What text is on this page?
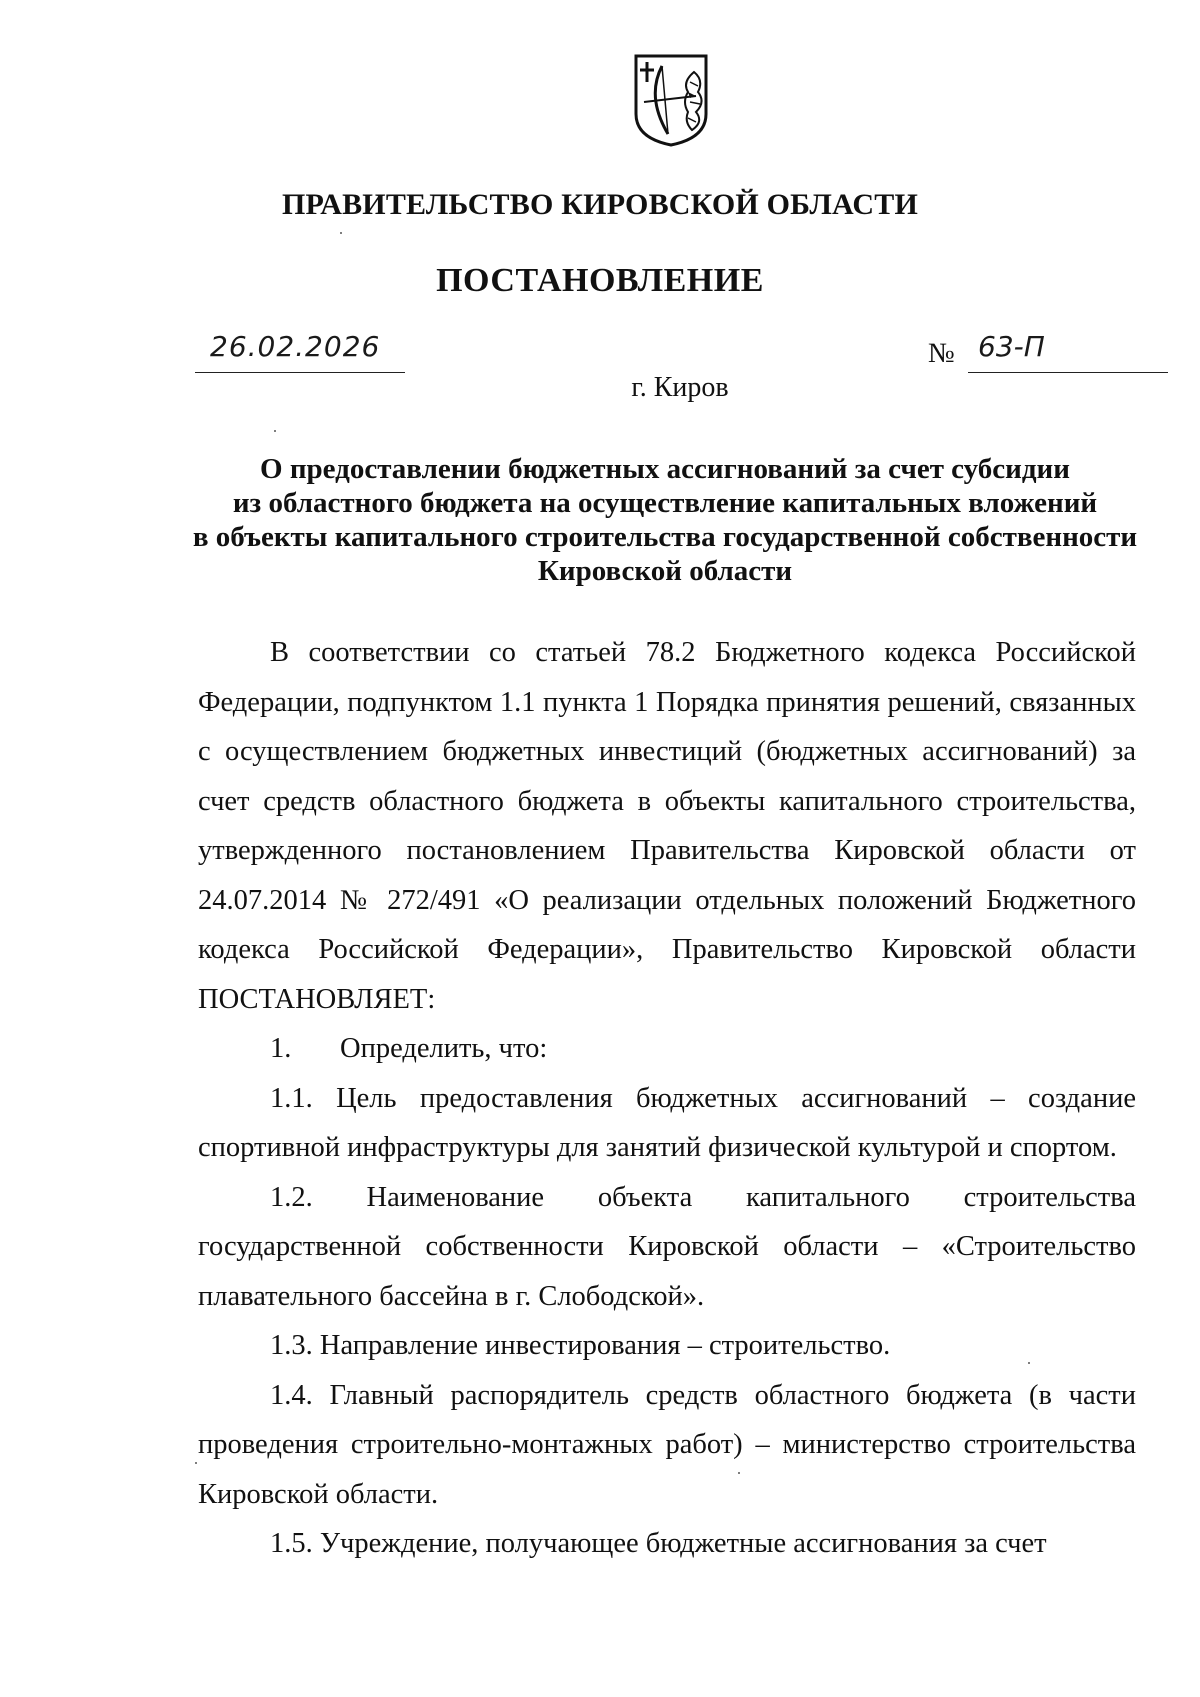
ПРАВИТЕЛЬСТВО КИРОВСКОЙ ОБЛАСТИ
ПОСТАНОВЛЕНИЕ
26.02.2026	№ 63-П
г. Киров
О предоставлении бюджетных ассигнований за счет субсидии
из областного бюджета на осуществление капитальных вложений
в объекты капитального строительства государственной собственности
Кировской области

В соответствии со статьей 78.2 Бюджетного кодекса Российской Федерации, подпунктом 1.1 пункта 1 Порядка принятия решений, связанных с осуществлением бюджетных инвестиций (бюджетных ассигнований) за счет средств областного бюджета в объекты капитального строительства, утвержденного постановлением Правительства Кировской области от 24.07.2014 № 272/491 «О реализации отдельных положений Бюджетного кодекса Российской Федерации», Правительство Кировской области ПОСТАНОВЛЯЕТ:

1. Определить, что:

1.1. Цель предоставления бюджетных ассигнований – создание спортивной инфраструктуры для занятий физической культурой и спортом.

1.2. Наименование объекта капитального строительства государственной собственности Кировской области – «Строительство плавательного бассейна в г. Слободской».

1.3. Направление инвестирования – строительство.

1.4. Главный распорядитель средств областного бюджета (в части проведения строительно-монтажных работ) – министерство строительства Кировской области.

1.5. Учреждение, получающее бюджетные ассигнования за счет
